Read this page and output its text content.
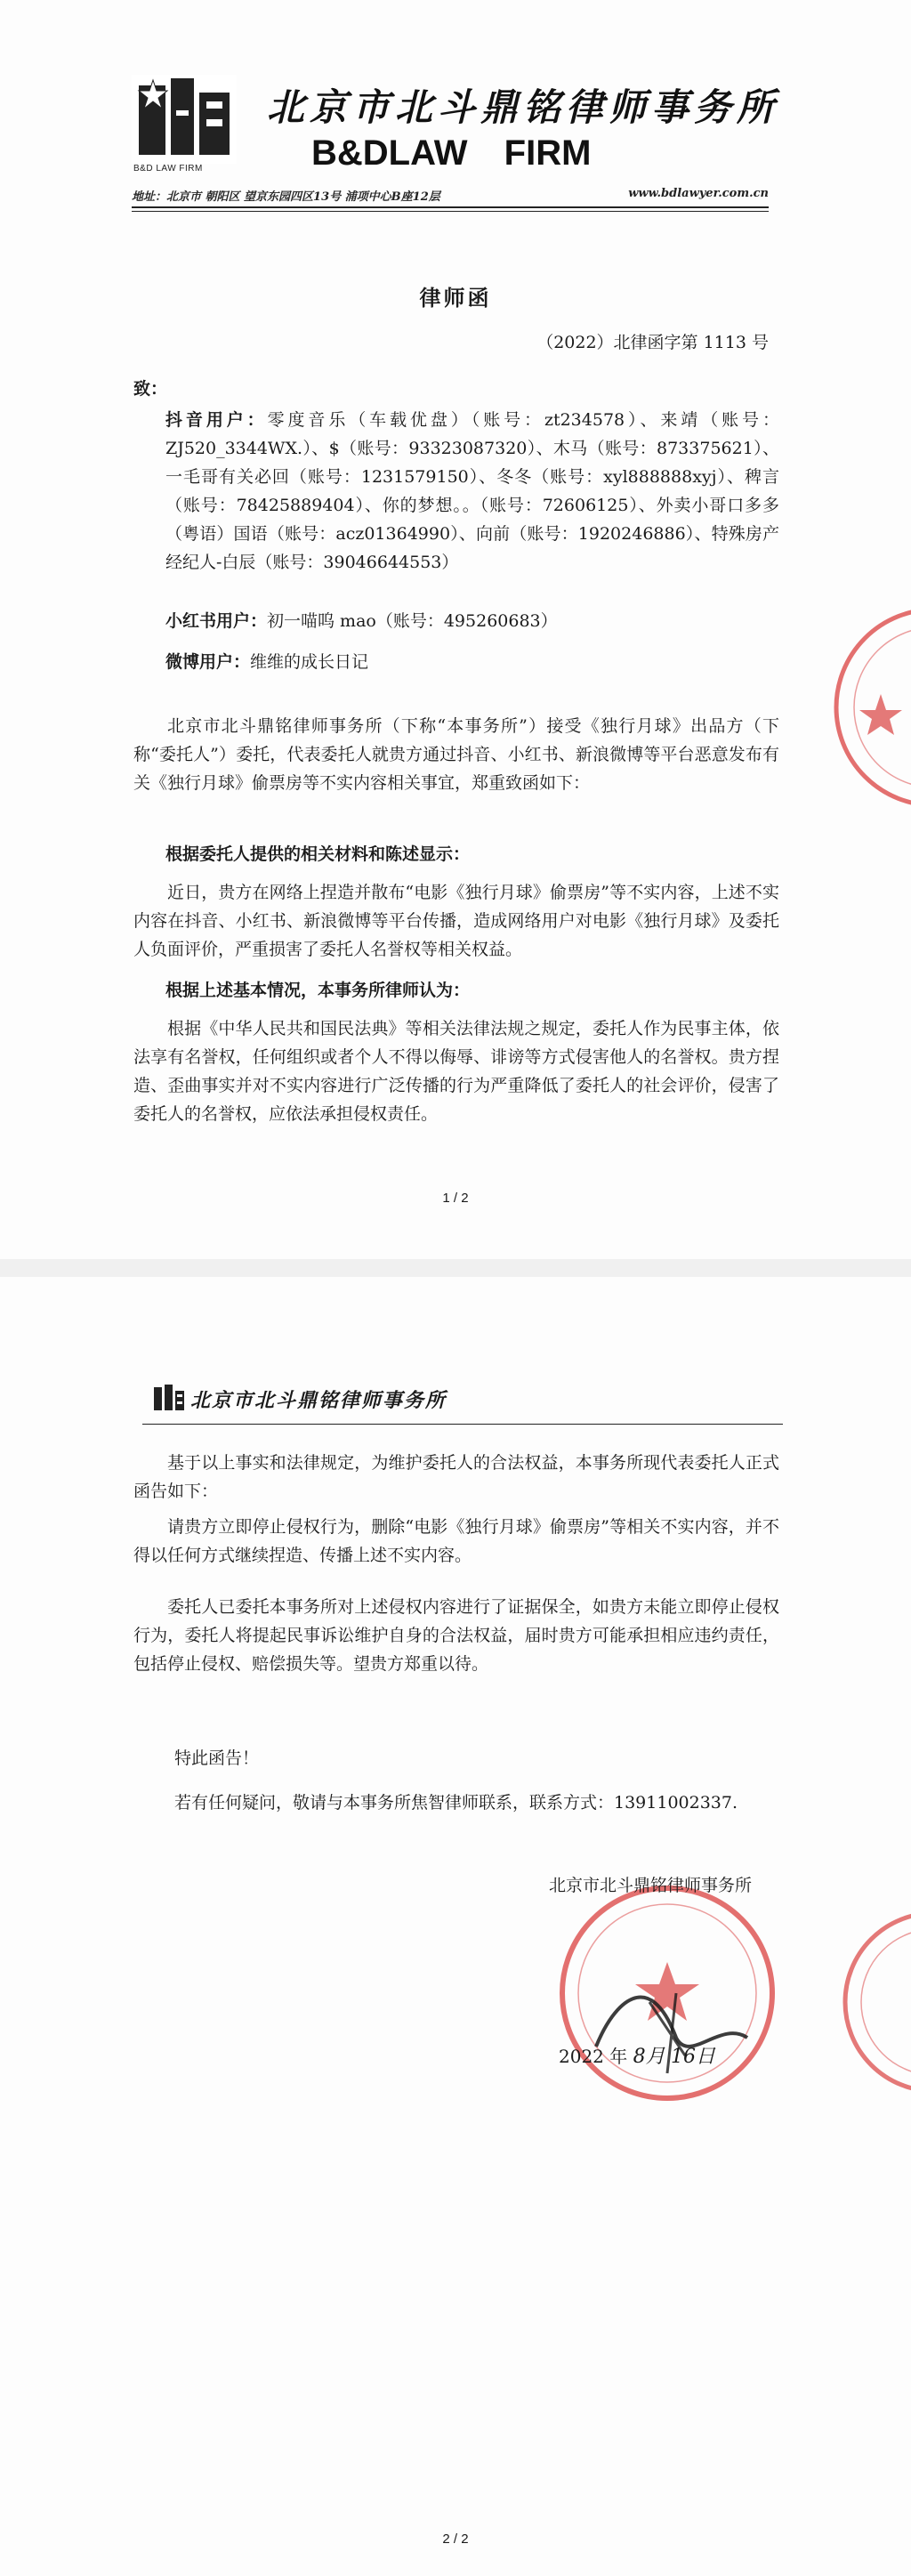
B&D LAW FIRM
北京市北斗鼎铭律师事务所
B&DLAW FIRM
地址：北京市 朝阳区 望京东园四区13号 浦项中心B座12层	www.bdlawyer.com.cn
律师函
（2022）北律函字第 1113 号
致：
抖音用户：零度音乐（车载优盘）（账号：zt234578）、来靖（账号：ZJ520_3344WX.）、$（账号：93323087320）、木马（账号：873375621）、一毛哥有关必回（账号：1231579150）、冬冬（账号：xyl888888xyj）、稗言（账号：78425889404）、你的梦想。。（账号：72606125）、外卖小哥口多多（粤语）国语（账号：acz01364990）、向前（账号：1920246886）、特殊房产经纪人-白辰（账号：39046644553）
小红书用户：初一喵呜 mao（账号：495260683）
微博用户：维维的成长日记
北京市北斗鼎铭律师事务所（下称“本事务所”）接受《独行月球》出品方（下称“委托人”）委托，代表委托人就贵方通过抖音、小红书、新浪微博等平台恶意发布有关《独行月球》偷票房等不实内容相关事宜，郑重致函如下：
根据委托人提供的相关材料和陈述显示：
近日，贵方在网络上捏造并散布“电影《独行月球》偷票房”等不实内容，上述不实内容在抖音、小红书、新浪微博等平台传播，造成网络用户对电影《独行月球》及委托人负面评价，严重损害了委托人名誉权等相关权益。
根据上述基本情况，本事务所律师认为：
根据《中华人民共和国民法典》等相关法律法规之规定，委托人作为民事主体，依法享有名誉权，任何组织或者个人不得以侮辱、诽谤等方式侵害他人的名誉权。贵方捏造、歪曲事实并对不实内容进行广泛传播的行为严重降低了委托人的社会评价，侵害了委托人的名誉权，应依法承担侵权责任。
1 / 2
北京市北斗鼎铭律师事务所
基于以上事实和法律规定，为维护委托人的合法权益，本事务所现代表委托人正式函告如下：
请贵方立即停止侵权行为，删除“电影《独行月球》偷票房”等相关不实内容，并不得以任何方式继续捏造、传播上述不实内容。
委托人已委托本事务所对上述侵权内容进行了证据保全，如贵方未能立即停止侵权行为，委托人将提起民事诉讼维护自身的合法权益，届时贵方可能承担相应违约责任，包括停止侵权、赔偿损失等。望贵方郑重以待。
特此函告！
若有任何疑问，敬请与本事务所焦智律师联系，联系方式：13911002337.
北京市北斗鼎铭律师事务所
2022 年 8月 16日
2 / 2
